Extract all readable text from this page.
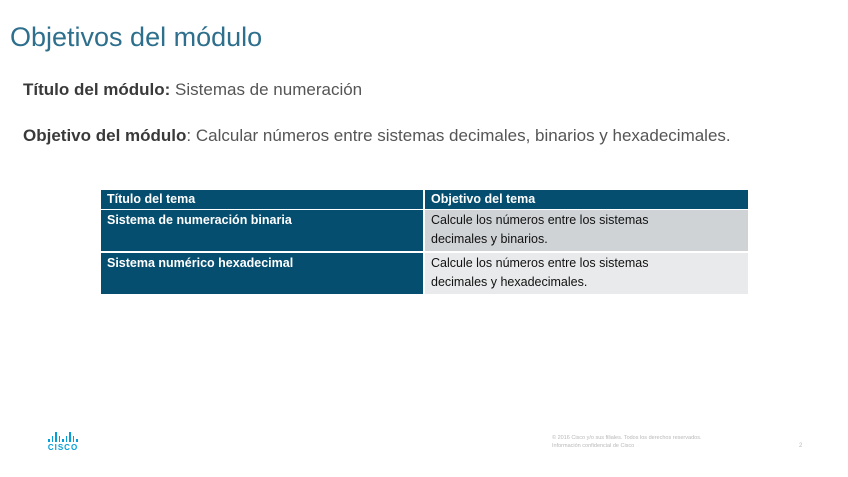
Objetivos del módulo
Título del módulo: Sistemas de numeración
Objetivo del módulo: Calcular números entre sistemas decimales, binarios y hexadecimales.
Título del tema	Objetivo del tema
Sistema de numeración binaria	Calcule los números entre los sistemas
decimales y binarios.
Sistema numérico hexadecimal	Calcule los números entre los sistemas
decimales y hexadecimales.
CISCO
© 2016 Cisco y/o sus filiales. Todos los derechos reservados.
Información confidencial de Cisco	2
